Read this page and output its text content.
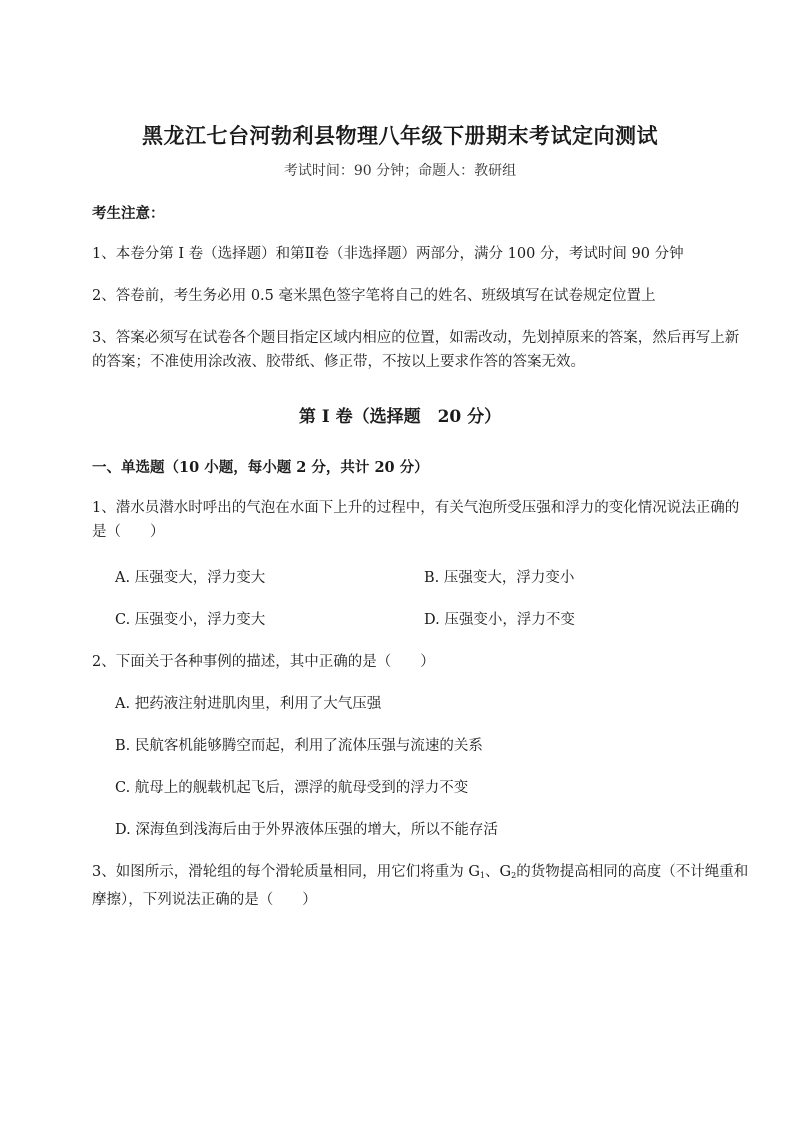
黑龙江七台河勃利县物理八年级下册期末考试定向测试
考试时间：90 分钟；命题人：教研组
考生注意：
1、本卷分第 I 卷（选择题）和第Ⅱ卷（非选择题）两部分，满分 100 分，考试时间 90 分钟
2、答卷前，考生务必用 0.5 毫米黑色签字笔将自己的姓名、班级填写在试卷规定位置上
3、答案必须写在试卷各个题目指定区域内相应的位置，如需改动，先划掉原来的答案，然后再写上新的答案；不准使用涂改液、胶带纸、修正带，不按以上要求作答的答案无效。
第 I 卷（选择题　20 分）
一、单选题（10 小题，每小题 2 分，共计 20 分）
1、潜水员潜水时呼出的气泡在水面下上升的过程中，有关气泡所受压强和浮力的变化情况说法正确的是（　　）
A. 压强变大，浮力变大	B. 压强变大，浮力变小
C. 压强变小，浮力变大	D. 压强变小，浮力不变
2、下面关于各种事例的描述，其中正确的是（　　）
A. 把药液注射进肌肉里，利用了大气压强
B. 民航客机能够腾空而起，利用了流体压强与流速的关系
C. 航母上的舰载机起飞后，漂浮的航母受到的浮力不变
D. 深海鱼到浅海后由于外界液体压强的增大，所以不能存活
3、如图所示，滑轮组的每个滑轮质量相同，用它们将重为 $G_1$、$G_2$的货物提高相同的高度（不计绳重和摩擦），下列说法正确的是（　　）
